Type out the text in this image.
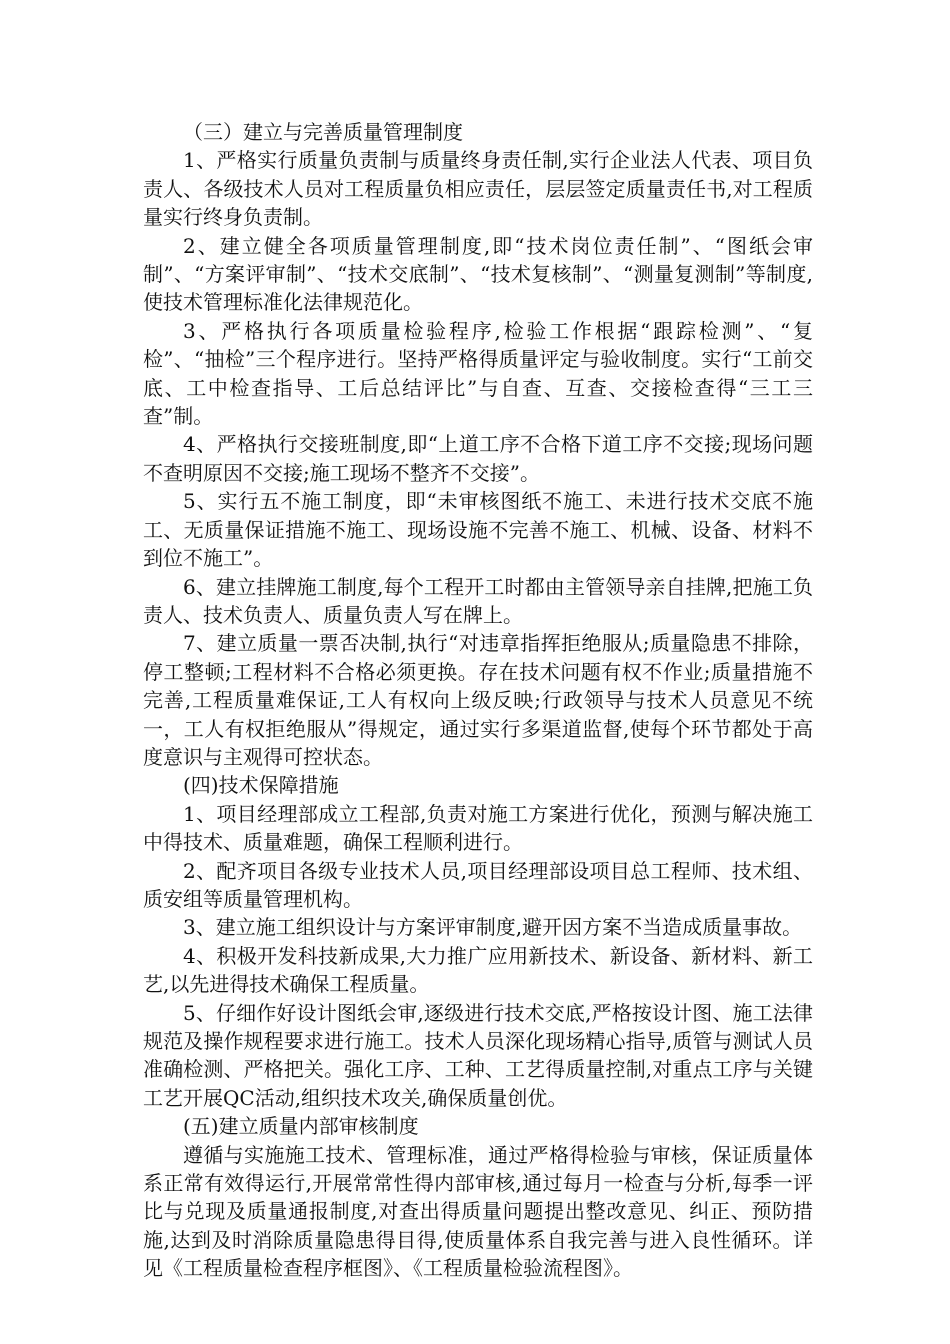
（三）建立与完善质量管理制度

1、严格实行质量负责制与质量终身责任制,实行企业法人代表、项目负责人、各级技术人员对工程质量负相应责任，层层签定质量责任书,对工程质量实行终身负责制。

2、建立健全各项质量管理制度,即“技术岗位责任制”、“图纸会审制”、“方案评审制”、“技术交底制”、“技术复核制”、“测量复测制”等制度,使技术管理标准化法律规范化。

3、严格执行各项质量检验程序,检验工作根据“跟踪检测”、“复检”、“抽检”三个程序进行。坚持严格得质量评定与验收制度。实行“工前交底、工中检查指导、工后总结评比”与自查、互查、交接检查得“三工三查”制。

4、严格执行交接班制度,即“上道工序不合格下道工序不交接;现场问题不查明原因不交接;施工现场不整齐不交接”。

5、实行五不施工制度，即“未审核图纸不施工、未进行技术交底不施工、无质量保证措施不施工、现场设施不完善不施工、机械、设备、材料不到位不施工”。

6、建立挂牌施工制度,每个工程开工时都由主管领导亲自挂牌,把施工负责人、技术负责人、质量负责人写在牌上。

7、建立质量一票否决制,执行“对违章指挥拒绝服从;质量隐患不排除，停工整顿;工程材料不合格必须更换。存在技术问题有权不作业;质量措施不完善,工程质量难保证,工人有权向上级反映;行政领导与技术人员意见不统一，工人有权拒绝服从”得规定，通过实行多渠道监督,使每个环节都处于高度意识与主观得可控状态。

(四)技术保障措施

1、项目经理部成立工程部,负责对施工方案进行优化，预测与解决施工中得技术、质量难题，确保工程顺利进行。

2、配齐项目各级专业技术人员,项目经理部设项目总工程师、技术组、质安组等质量管理机构。

3、建立施工组织设计与方案评审制度,避开因方案不当造成质量事故。

4、积极开发科技新成果,大力推广应用新技术、新设备、新材料、新工艺,以先进得技术确保工程质量。

5、仔细作好设计图纸会审,逐级进行技术交底,严格按设计图、施工法律规范及操作规程要求进行施工。技术人员深化现场精心指导,质管与测试人员准确检测、严格把关。强化工序、工种、工艺得质量控制,对重点工序与关键工艺开展QC活动,组织技术攻关,确保质量创优。

(五)建立质量内部审核制度

遵循与实施施工技术、管理标准，通过严格得检验与审核，保证质量体系正常有效得运行,开展常常性得内部审核,通过每月一检查与分析,每季一评比与兑现及质量通报制度,对查出得质量问题提出整改意见、纠正、预防措施,达到及时消除质量隐患得目得,使质量体系自我完善与进入良性循环。详见《工程质量检查程序框图》、《工程质量检验流程图》。
